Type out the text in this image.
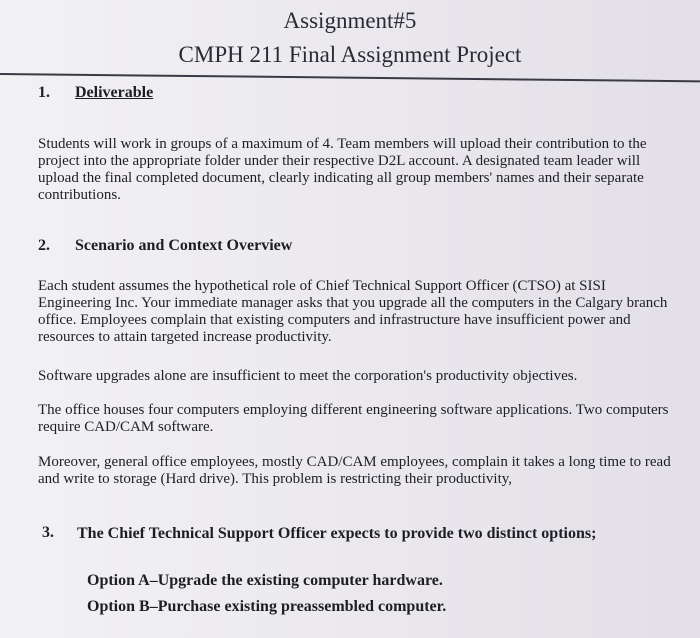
Assignment#5
CMPH 211 Final Assignment Project
1. Deliverable
Students will work in groups of a maximum of 4. Team members will upload their contribution to the project into the appropriate folder under their respective D2L account. A designated team leader will upload the final completed document, clearly indicating all group members' names and their separate contributions.
2. Scenario and Context Overview
Each student assumes the hypothetical role of Chief Technical Support Officer (CTSO) at SISI Engineering Inc. Your immediate manager asks that you upgrade all the computers in the Calgary branch office. Employees complain that existing computers and infrastructure have insufficient power and resources to attain targeted increase productivity.
Software upgrades alone are insufficient to meet the corporation's productivity objectives.
The office houses four computers employing different engineering software applications. Two computers require CAD/CAM software.
Moreover, general office employees, mostly CAD/CAM employees, complain it takes a long time to read and write to storage (Hard drive). This problem is restricting their productivity,
3. The Chief Technical Support Officer expects to provide two distinct options;
Option A–Upgrade the existing computer hardware.
Option B–Purchase existing preassembled computer.
